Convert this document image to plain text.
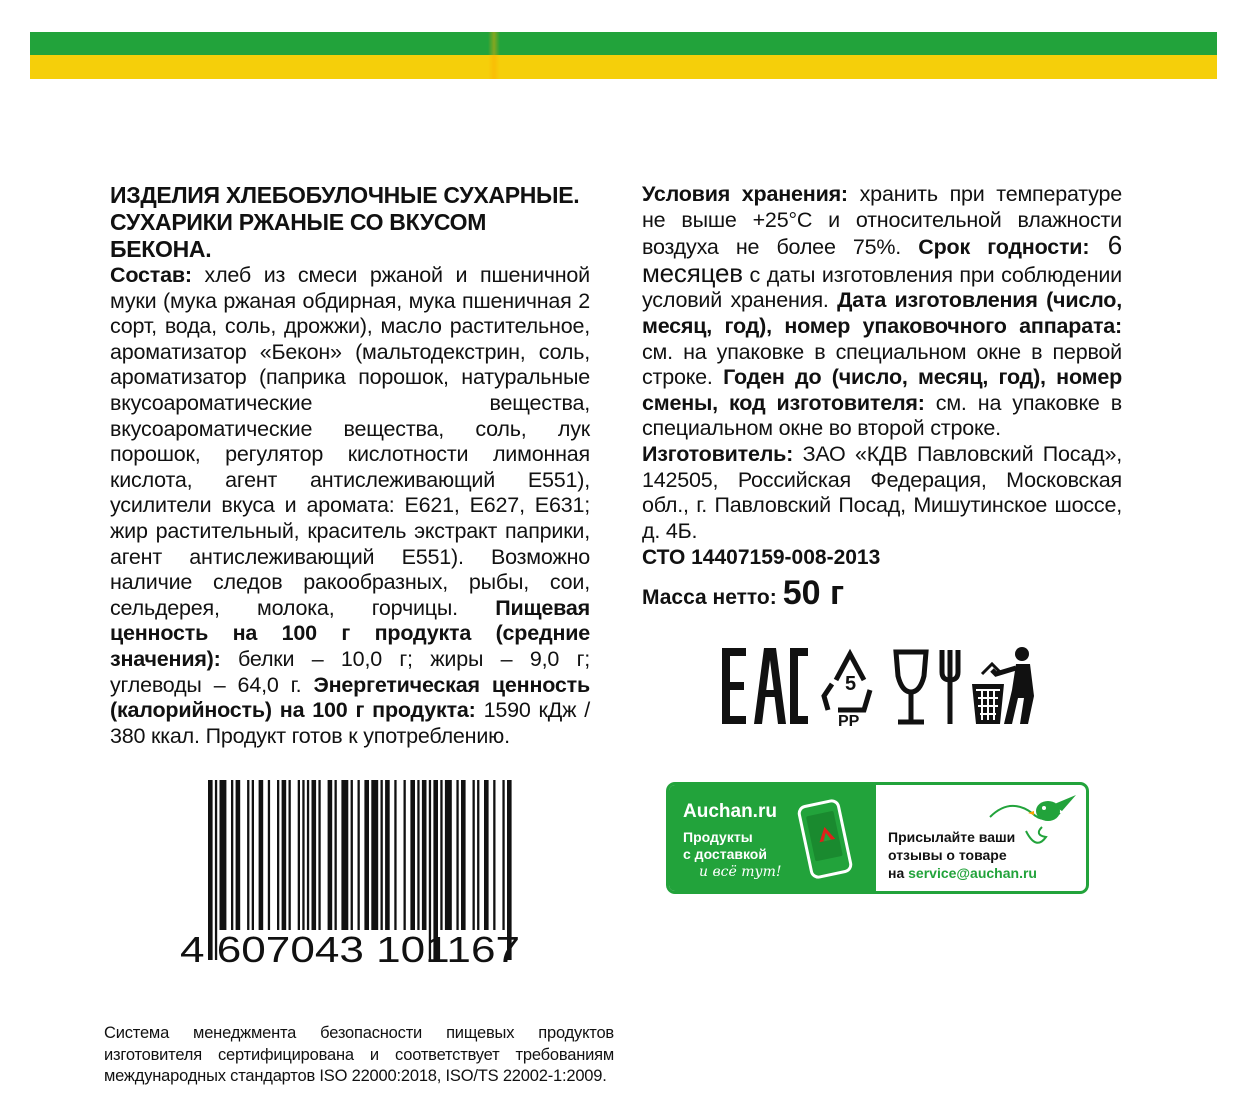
ИЗДЕЛИЯ ХЛЕБОБУЛОЧНЫЕ СУХАРНЫЕ.

СУХАРИКИ РЖАНЫЕ СО ВКУСОМ БЕКОНА.

Состав: хлеб из смеси ржаной и пшеничной муки (мука ржаная обдирная, мука пшеничная 2 сорт, вода, соль, дрожжи), масло растительное, ароматизатор «Бекон» (мальтодекстрин, соль, ароматизатор (паприка порошок, натуральные вкусоароматические вещества, вкусоароматические вещества, соль, лук порошок, регулятор кислотности лимонная кислота, агент антислеживающий Е551), усилители вкуса и аромата: Е621, Е627, Е631; жир растительный, краситель экстракт паприки, агент антислеживающий Е551). Возможно наличие следов ракообразных, рыбы, сои, сельдерея, молока, горчицы. Пищевая ценность на 100 г продукта (средние значения): белки – 10,0 г; жиры – 9,0 г; углеводы – 64,0 г. Энергетическая ценность (калорийность) на 100 г продукта: 1590 кДж / 380 ккал. Продукт готов к употреблению.

Условия хранения: хранить при температуре не выше +25°С и относительной влажности воздуха не более 75%. Срок годности: 6 месяцев с даты изготовления при соблюдении условий хранения. Дата изготовления (число, месяц, год), номер упаковочного аппарата: см. на упаковке в специальном окне в первой строке. Годен до (число, месяц, год), номер смены, код изготовителя: см. на упаковке в специальном окне во второй строке.
Изготовитель: ЗАО «КДВ Павловский Посад», 142505, Российская Федерация, Московская обл., г. Павловский Посад, Мишутинское шоссе, д. 4Б.

СТО 14407159-008-2013
Масса нетто: 50 г
5
PP
Auchan.ru
Продукты
с доставкой
и всё тут!
Присылайте ваши
отзывы о товаре
на service@auchan.ru
4 607043 101167

Система менеджмента безопасности пищевых продуктов изготовителя сертифицирована и соответствует требованиям международных стандартов ISO 22000:2018, ISO/TS 22002-1:2009.
